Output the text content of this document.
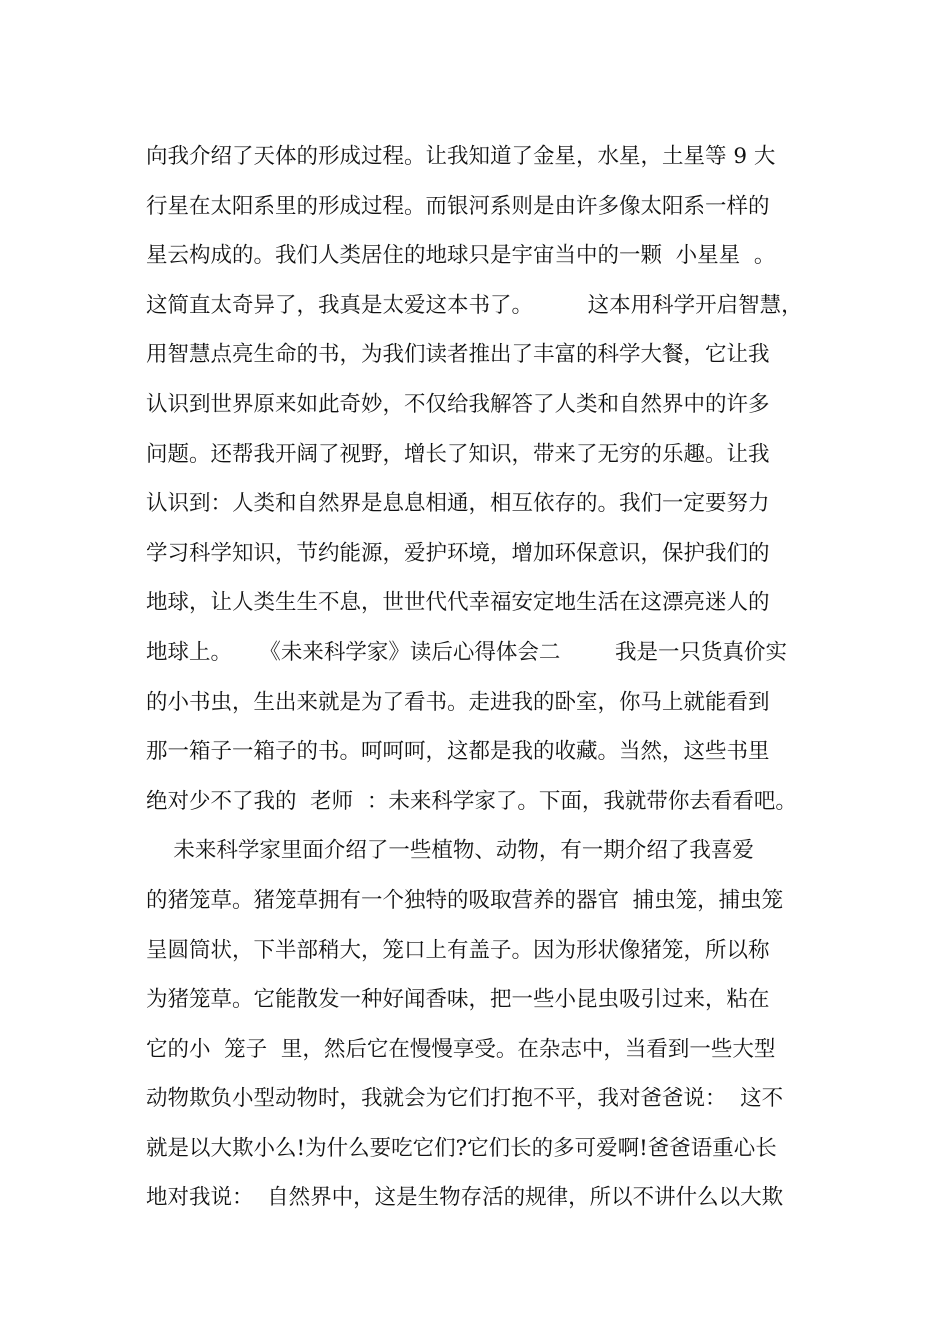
向我介绍了天体的形成过程。让我知道了金星，水星，土星等 9 大
行星在太阳系里的形成过程。而银河系则是由许多像太阳系一样的
星云构成的。我们人类居住的地球只是宇宙当中的一颗  小星星  。
这简直太奇异了，我真是太爱这本书了。        这本用科学开启智慧，
用智慧点亮生命的书，为我们读者推出了丰富的科学大餐，它让我
认识到世界原来如此奇妙，不仅给我解答了人类和自然界中的许多
问题。还帮我开阔了视野，增长了知识，带来了无穷的乐趣。让我
认识到：人类和自然界是息息相通，相互依存的。我们一定要努力
学习科学知识，节约能源，爱护环境，增加环保意识，保护我们的
地球，让人类生生不息，世世代代幸福安定地生活在这漂亮迷人的
地球上。    《未来科学家》读后心得体会二        我是一只货真价实
的小书虫，生出来就是为了看书。走进我的卧室，你马上就能看到
那一箱子一箱子的书。呵呵呵，这都是我的收藏。当然，这些书里
绝对少不了我的  老师  ：未来科学家了。下面，我就带你去看看吧。
未来科学家里面介绍了一些植物、动物，有一期介绍了我喜爱
的猪笼草。猪笼草拥有一个独特的吸取营养的器官  捕虫笼，捕虫笼
呈圆筒状，下半部稍大，笼口上有盖子。因为形状像猪笼，所以称
为猪笼草。它能散发一种好闻香味，把一些小昆虫吸引过来，粘在
它的小  笼子  里，然后它在慢慢享受。在杂志中，当看到一些大型
动物欺负小型动物时，我就会为它们打抱不平，我对爸爸说：  这不
就是以大欺小么!为什么要吃它们?它们长的多可爱啊!爸爸语重心长
地对我说：  自然界中，这是生物存活的规律，所以不讲什么以大欺
